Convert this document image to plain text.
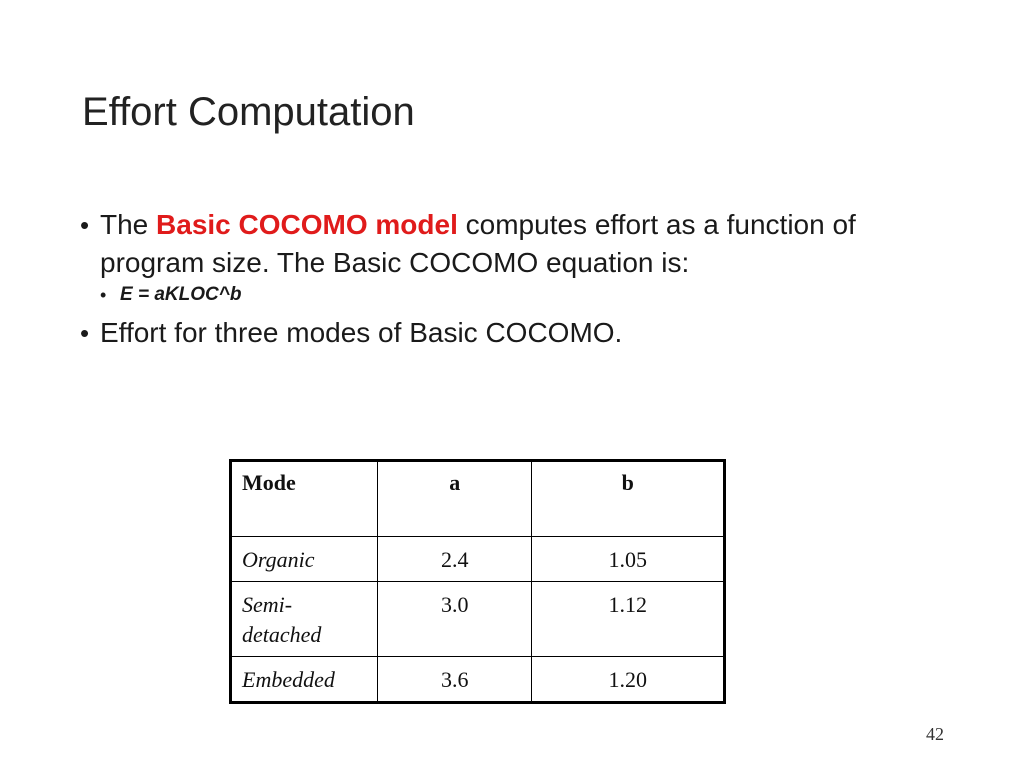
Effort Computation
• The Basic COCOMO model computes effort as a function of program size. The Basic COCOMO equation is:
• E = aKLOC^b
• Effort for three modes of Basic COCOMO.
Mode	a	b
Organic	2.4	1.05
Semi-detached	3.0	1.12
Embedded	3.6	1.20
42
